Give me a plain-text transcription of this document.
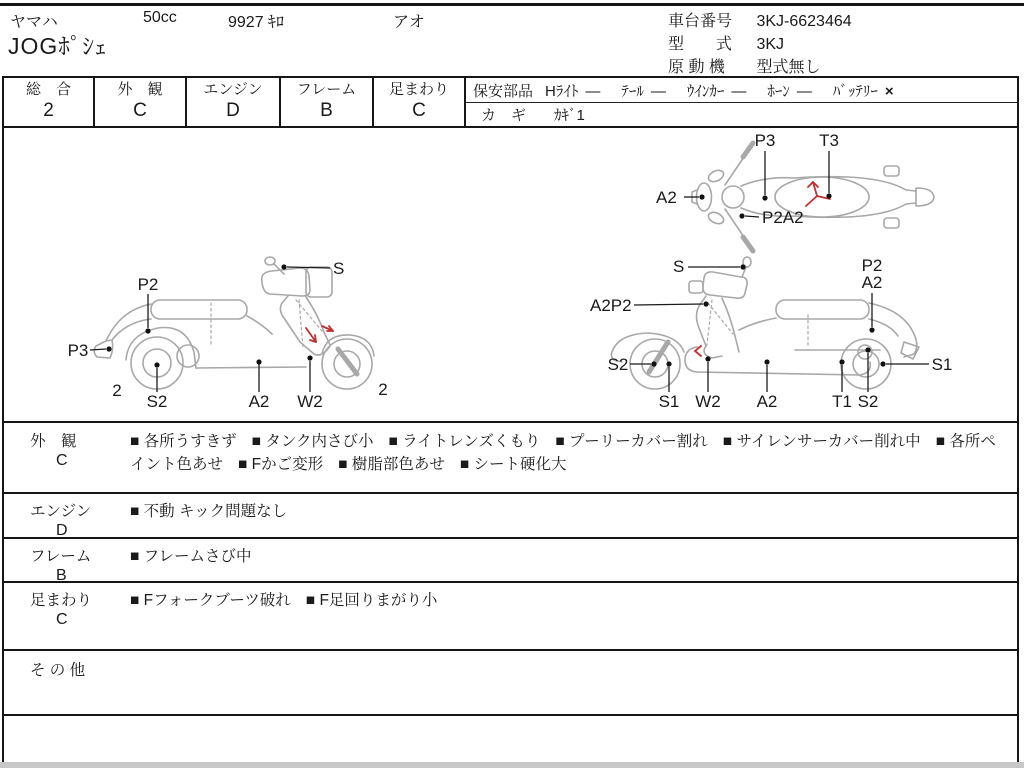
ヤマハ	50cc	9927 ｷﾛ	アオ
JOGﾎﾟｼｪ
車台番号 3KJ-6623464
型　　式 3KJ
原 動 機 型式無し
総　合
2
外　観
C
エンジン
D
フレーム
B
足まわり
C
保安部品 Hﾗｲﾄ — ﾃｰﾙ — ｳｲﾝｶｰ — ﾎｰﾝ — ﾊﾞｯﾃﾘｰ ×
カ　ギ ｶｷﾞ1
A2
P3	T3
P2A2
S
P2
P3
2
S2	A2 W2
2
S
A2P2
P2
A2
S2
S1 W2 A2	T1 S2
S1
外　観
C
■ 各所うすきず ■ タンク内さび小 ■ ライトレンズくもり ■ プーリーカバー割れ ■ サイレンサーカバー削れ中 ■ 各所ペイント色あせ ■ Fかご変形 ■ 樹脂部色あせ ■ シート硬化大
エンジン
D
■ 不動 キック問題なし
フレーム
B
■ フレームさび中
足まわり
C
■ Fフォークブーツ破れ ■ F足回りまがり小
そ の 他
